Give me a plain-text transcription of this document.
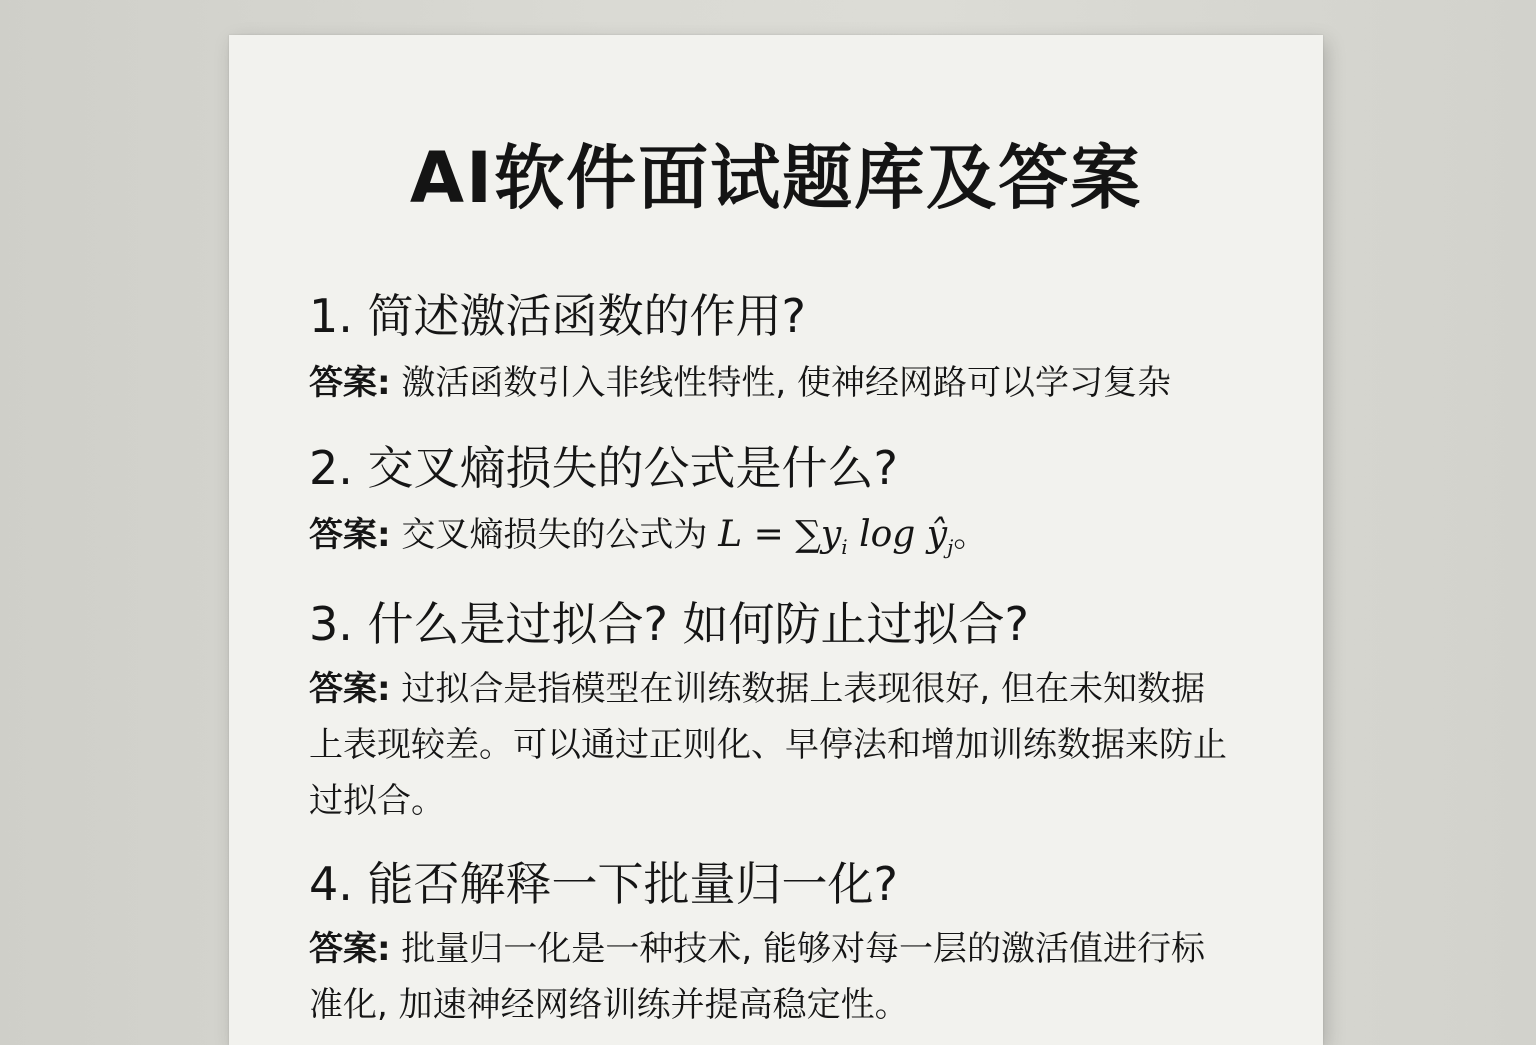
AI软件面试题库及答案

1. 简述激活函数的作用?

答案: 激活函数引入非线性特性, 使神经网路可以学习复杂

2. 交叉熵损失的公式是什么?

答案: 交叉熵损失的公式为 $L = \sum y_i$ $\log ŷ_j$。

3. 什么是过拟合? 如何防止过拟合?

答案: 过拟合是指模型在训练数据上表现很好, 但在未知数据上表现较差。可以通过正则化、早停法和增加训练数据来防止过拟合。

4. 能否解释一下批量归一化?

答案: 批量归一化是一种技术, 能够对每一层的激活值进行标准化, 加速神经网络训练并提高稳定性。
